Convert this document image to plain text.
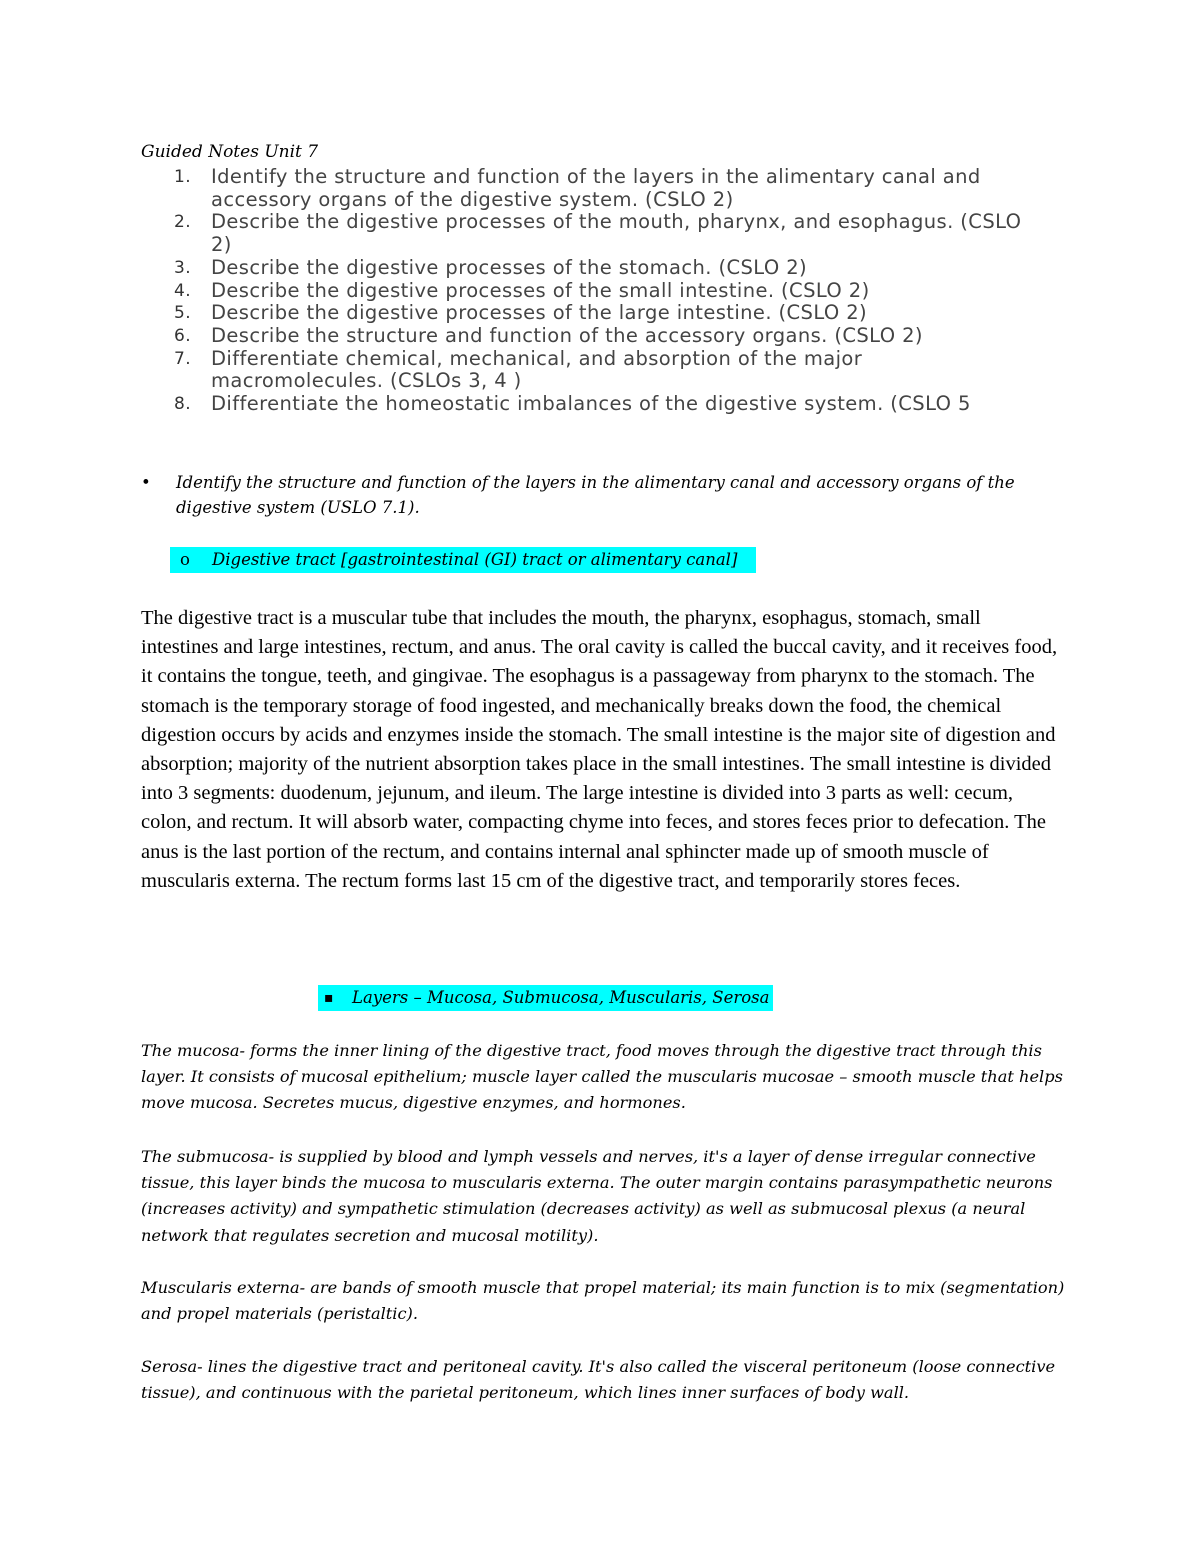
Guided Notes Unit 7
1. Identify the structure and function of the layers in the alimentary canal and accessory organs of the digestive system. (CSLO 2)
2. Describe the digestive processes of the mouth, pharynx, and esophagus. (CSLO 2)
3. Describe the digestive processes of the stomach. (CSLO 2)
4. Describe the digestive processes of the small intestine. (CSLO 2)
5. Describe the digestive processes of the large intestine. (CSLO 2)
6. Describe the structure and function of the accessory organs. (CSLO 2)
7. Differentiate chemical, mechanical, and absorption of the major macromolecules. (CSLOs 3, 4 )
8. Differentiate the homeostatic imbalances of the digestive system. (CSLO 5
•	Identify the structure and function of the layers in the alimentary canal and accessory organs of the digestive system (USLO 7.1).
o Digestive tract [gastrointestinal (GI) tract or alimentary canal]

The digestive tract is a muscular tube that includes the mouth, the pharynx, esophagus, stomach, small intestines and large intestines, rectum, and anus. The oral cavity is called the buccal cavity, and it receives food, it contains the tongue, teeth, and gingivae. The esophagus is a passageway from pharynx to the stomach. The stomach is the temporary storage of food ingested, and mechanically breaks down the food, the chemical digestion occurs by acids and enzymes inside the stomach. The small intestine is the major site of digestion and absorption; majority of the nutrient absorption takes place in the small intestines. The small intestine is divided into 3 segments: duodenum, jejunum, and ileum. The large intestine is divided into 3 parts as well: cecum, colon, and rectum. It will absorb water, compacting chyme into feces, and stores feces prior to defecation. The anus is the last portion of the rectum, and contains internal anal sphincter made up of smooth muscle of muscularis externa. The rectum forms last 15 cm of the digestive tract, and temporarily stores feces.

▪ Layers – Mucosa, Submucosa, Muscularis, Serosa

The mucosa- forms the inner lining of the digestive tract, food moves through the digestive tract through this layer. It consists of mucosal epithelium; muscle layer called the muscularis mucosae – smooth muscle that helps move mucosa. Secretes mucus, digestive enzymes, and hormones.

The submucosa- is supplied by blood and lymph vessels and nerves, it's a layer of dense irregular connective tissue, this layer binds the mucosa to muscularis externa. The outer margin contains parasympathetic neurons (increases activity) and sympathetic stimulation (decreases activity) as well as submucosal plexus (a neural network that regulates secretion and mucosal motility).

Muscularis externa- are bands of smooth muscle that propel material; its main function is to mix (segmentation) and propel materials (peristaltic).

Serosa- lines the digestive tract and peritoneal cavity. It's also called the visceral peritoneum (loose connective tissue), and continuous with the parietal peritoneum, which lines inner surfaces of body wall.
